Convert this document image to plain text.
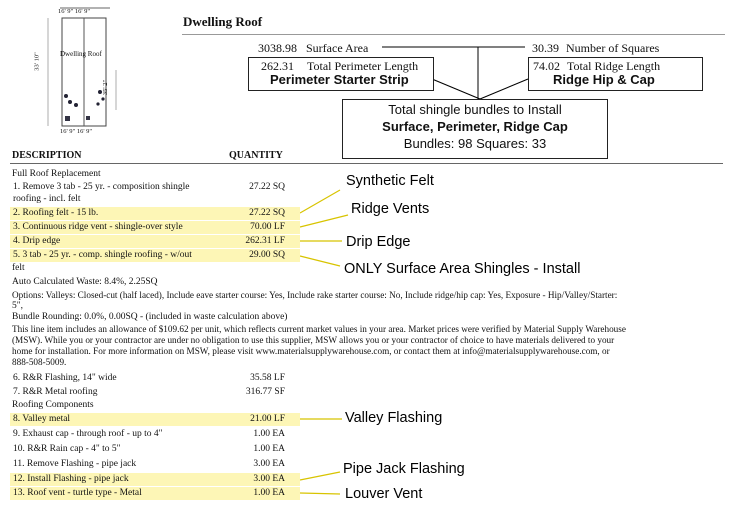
16' 9" 16' 9"
33' 10"	Dwelling Roof
35' 2"
16' 9" 16' 9"
Dwelling Roof
3038.98 Surface Area	30.39 Number of Squares
262.31 Total Perimeter Length
Perimeter Starter Strip
74.02 Total Ridge Length
Ridge Hip & Cap
Total shingle bundles to Install
Surface, Perimeter, Ridge Cap
Bundles: 98 Squares: 33
DESCRIPTION	QUANTITY
Full Roof Replacement
1. Remove 3 tab - 25 yr. - composition shingle	27.22 SQ
roofing - incl. felt
2. Roofing felt - 15 lb.	27.22 SQ
3. Continuous ridge vent - shingle-over style	70.00 LF
4. Drip edge	262.31 LF
5. 3 tab - 25 yr. - comp. shingle roofing - w/out	29.00 SQ
felt
Auto Calculated Waste: 8.4%, 2.25SQ
Options: Valleys: Closed-cut (half laced), Include eave starter course: Yes, Include rake starter course: No, Include ridge/hip cap: Yes, Exposure - Hip/Valley/Starter:
5",
Bundle Rounding: 0.0%, 0.00SQ - (included in waste calculation above)
This line item includes an allowance of $109.62 per unit, which reflects current market values in your area. Market prices were verified by Material Supply Warehouse
(MSW). While you or your contractor are under no obligation to use this supplier, MSW allows you or your contractor of choice to have materials delivered to your
home for installation. For more information on MSW, please visit www.materialsupplywarehouse.com, or contact them at info@materialsupplywarehouse.com, or
888-508-5009.
6. R&R Flashing, 14" wide	35.58 LF
7. R&R Metal roofing	316.77 SF
Roofing Components
8. Valley metal	21.00 LF
9. Exhaust cap - through roof - up to 4"	1.00 EA
10. R&R Rain cap - 4" to 5"	1.00 EA
11. Remove Flashing - pipe jack	3.00 EA
12. Install Flashing - pipe jack	3.00 EA
13. Roof vent - turtle type - Metal	1.00 EA
Synthetic Felt
Ridge Vents
Drip Edge
ONLY Surface Area Shingles - Install
Valley Flashing
Pipe Jack Flashing
Louver Vent
